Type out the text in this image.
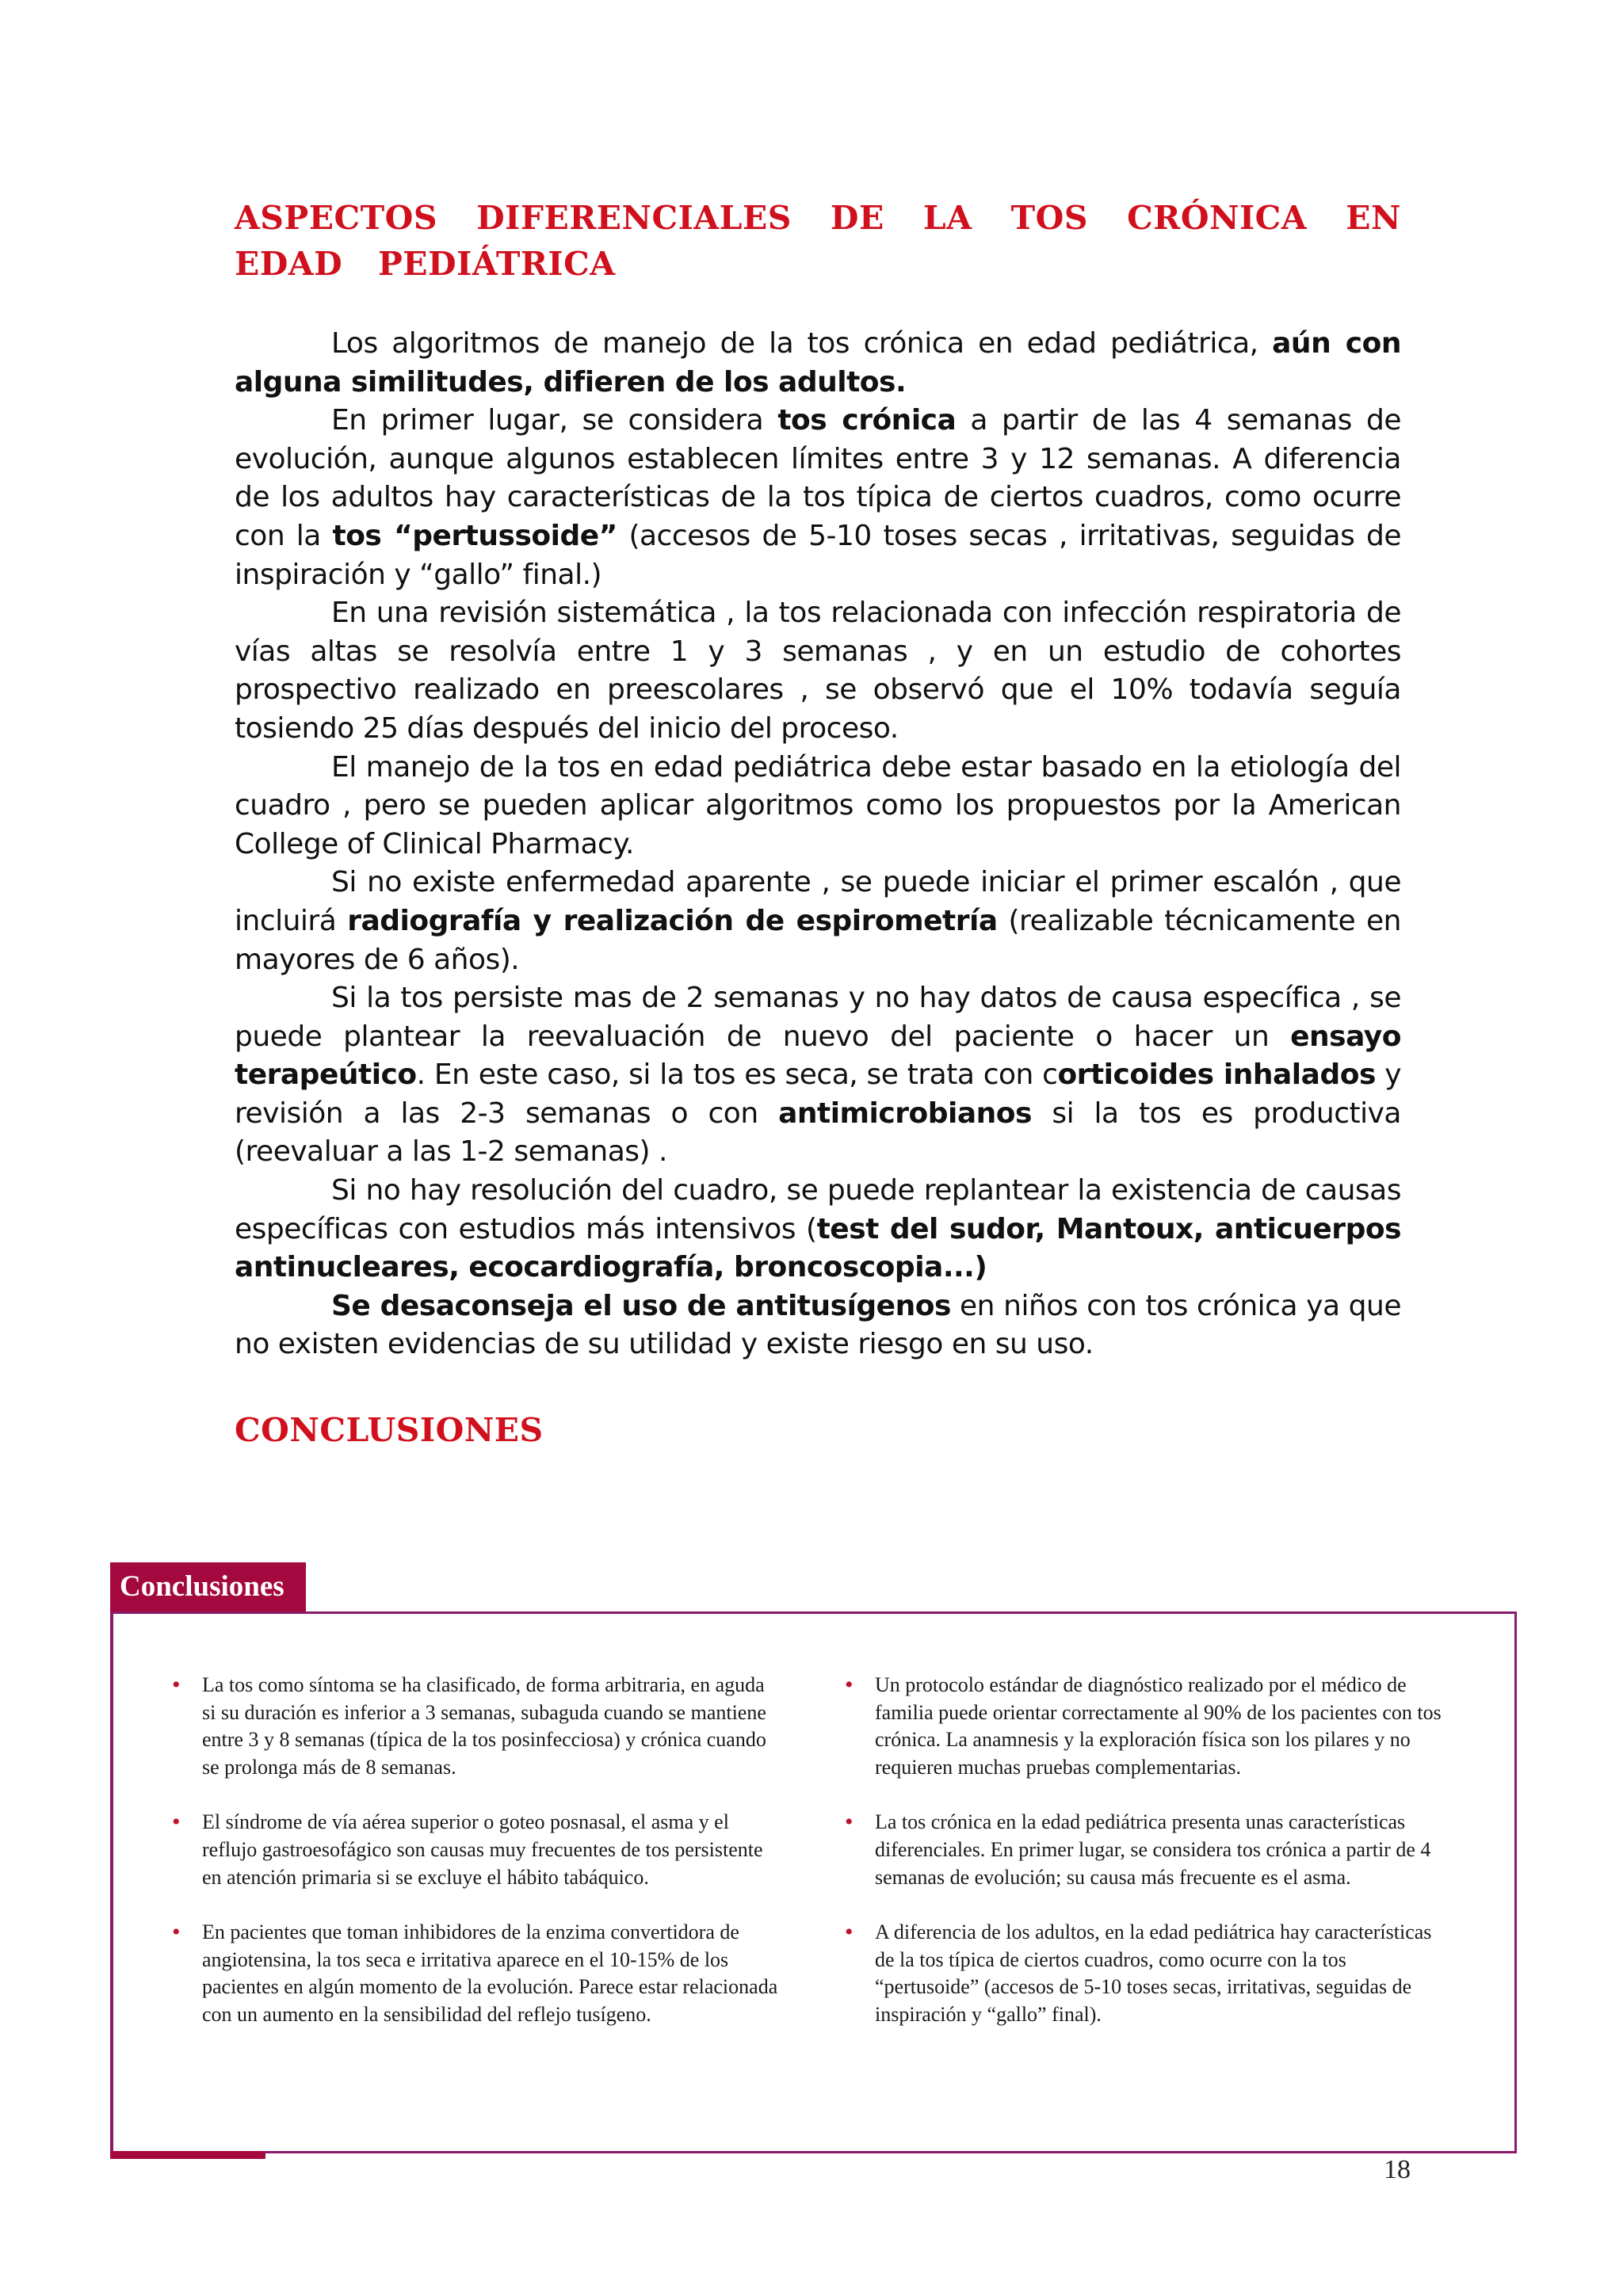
ASPECTOS DIFERENCIALES DE LA TOS CRÓNICA EN EDAD PEDIÁTRICA

Los algoritmos de manejo de la tos crónica en edad pediátrica, aún con alguna similitudes, difieren de los adultos.

En primer lugar, se considera tos crónica a partir de las 4 semanas de evolución, aunque algunos establecen límites entre 3 y 12 semanas. A diferencia de los adultos hay características de la tos típica de ciertos cuadros, como ocurre con la tos “pertussoide” (accesos de 5-10 toses secas , irritativas, seguidas de inspiración y “gallo” final.)

En una revisión sistemática , la tos relacionada con infección respiratoria de vías altas se resolvía entre 1 y 3 semanas , y en un estudio de cohortes prospectivo realizado en preescolares , se observó que el 10% todavía seguía tosiendo 25 días después del inicio del proceso.

El manejo de la tos en edad pediátrica debe estar basado en la etiología del cuadro , pero se pueden aplicar algoritmos como los propuestos por la American College of Clinical Pharmacy.

Si no existe enfermedad aparente , se puede iniciar el primer escalón , que incluirá radiografía y realización de espirometría (realizable técnicamente en mayores de 6 años).

Si la tos persiste mas de 2 semanas y no hay datos de causa específica , se puede plantear la reevaluación de nuevo del paciente o hacer un ensayo terapeútico. En este caso, si la tos es seca, se trata con corticoides inhalados y revisión a las 2-3 semanas o con antimicrobianos si la tos es productiva (reevaluar a las 1-2 semanas) .

Si no hay resolución del cuadro, se puede replantear la existencia de causas específicas con estudios más intensivos (test del sudor, Mantoux, anticuerpos antinucleares, ecocardiografía, broncoscopia...)

Se desaconseja el uso de antitusígenos en niños con tos crónica ya que no existen evidencias de su utilidad y existe riesgo en su uso.

CONCLUSIONES
Conclusiones
• La tos como síntoma se ha clasificado, de forma arbitraria, en aguda si su duración es inferior a 3 semanas, subaguda cuando se mantiene entre 3 y 8 semanas (típica de la tos posinfecciosa) y crónica cuando se prolonga más de 8 semanas.
• El síndrome de vía aérea superior o goteo posnasal, el asma y el reflujo gastroesofágico son causas muy frecuentes de tos persistente en atención primaria si se excluye el hábito tabáquico.
• En pacientes que toman inhibidores de la enzima convertidora de angiotensina, la tos seca e irritativa aparece en el 10-15% de los pacientes en algún momento de la evolución. Parece estar relacionada con un aumento en la sensibilidad del reflejo tusígeno.
• Un protocolo estándar de diagnóstico realizado por el médico de familia puede orientar correctamente al 90% de los pacientes con tos crónica. La anamnesis y la exploración física son los pilares y no requieren muchas pruebas complementarias.
• La tos crónica en la edad pediátrica presenta unas características diferenciales. En primer lugar, se considera tos crónica a partir de 4 semanas de evolución; su causa más frecuente es el asma.
• A diferencia de los adultos, en la edad pediátrica hay características de la tos típica de ciertos cuadros, como ocurre con la tos “pertusoide” (accesos de 5-10 toses secas, irritativas, seguidas de inspiración y “gallo” final).
18
